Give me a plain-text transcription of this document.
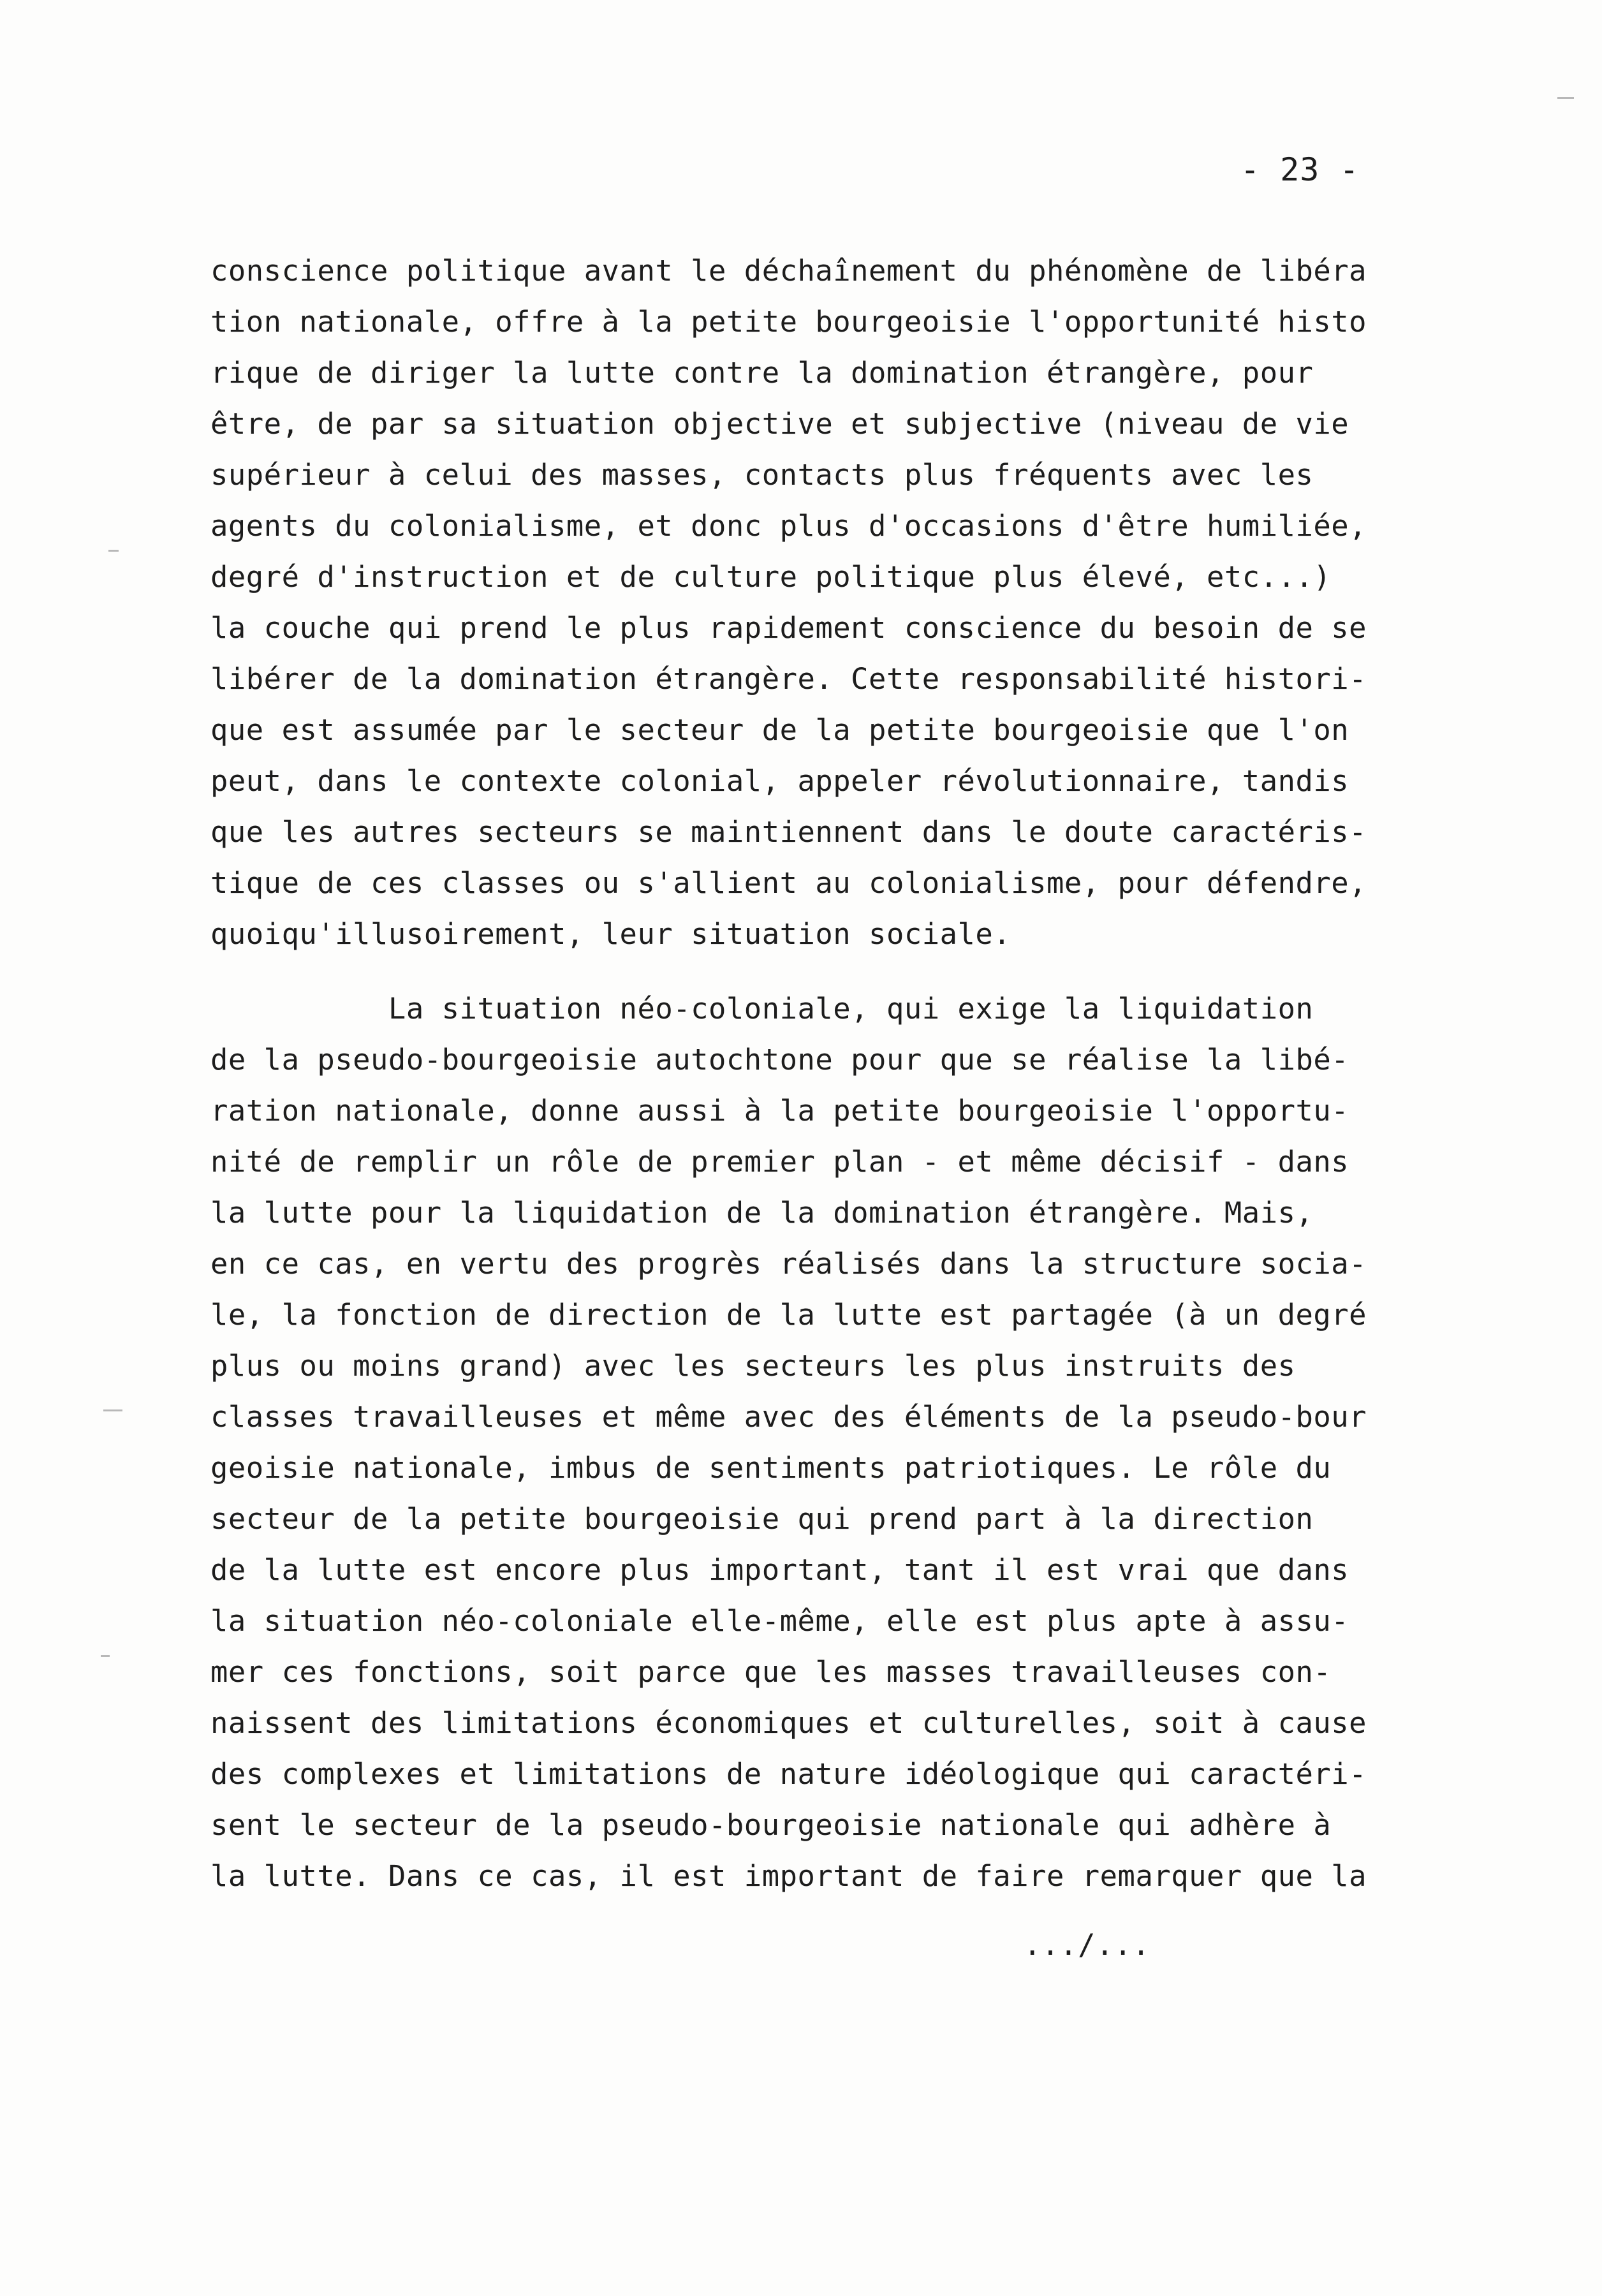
- 23 -
conscience politique avant le déchaînement du phénomène de libéra
tion nationale, offre à la petite bourgeoisie l'opportunité histo
rique de diriger la lutte contre la domination étrangère, pour
être, de par sa situation objective et subjective (niveau de vie
supérieur à celui des masses, contacts plus fréquents avec les
agents du colonialisme, et donc plus d'occasions d'être humiliée,
degré d'instruction et de culture politique plus élevé, etc...)
la couche qui prend le plus rapidement conscience du besoin de se
libérer de la domination étrangère. Cette responsabilité histori-
que est assumée par le secteur de la petite bourgeoisie que l'on
peut, dans le contexte colonial, appeler révolutionnaire, tandis
que les autres secteurs se maintiennent dans le doute caractéris-
tique de ces classes ou s'allient au colonialisme, pour défendre,
quoiqu'illusoirement, leur situation sociale.
La situation néo-coloniale, qui exige la liquidation
de la pseudo-bourgeoisie autochtone pour que se réalise la libé-
ration nationale, donne aussi à la petite bourgeoisie l'opportu-
nité de remplir un rôle de premier plan - et même décisif - dans
la lutte pour la liquidation de la domination étrangère. Mais,
en ce cas, en vertu des progrès réalisés dans la structure socia-
le, la fonction de direction de la lutte est partagée (à un degré
plus ou moins grand) avec les secteurs les plus instruits des
classes travailleuses et même avec des éléments de la pseudo-bour
geoisie nationale, imbus de sentiments patriotiques. Le rôle du
secteur de la petite bourgeoisie qui prend part à la direction
de la lutte est encore plus important, tant il est vrai que dans
la situation néo-coloniale elle-même, elle est plus apte à assu-
mer ces fonctions, soit parce que les masses travailleuses con-
naissent des limitations économiques et culturelles, soit à cause
des complexes et limitations de nature idéologique qui caractéri-
sent le secteur de la pseudo-bourgeoisie nationale qui adhère à
la lutte. Dans ce cas, il est important de faire remarquer que la
.../...
